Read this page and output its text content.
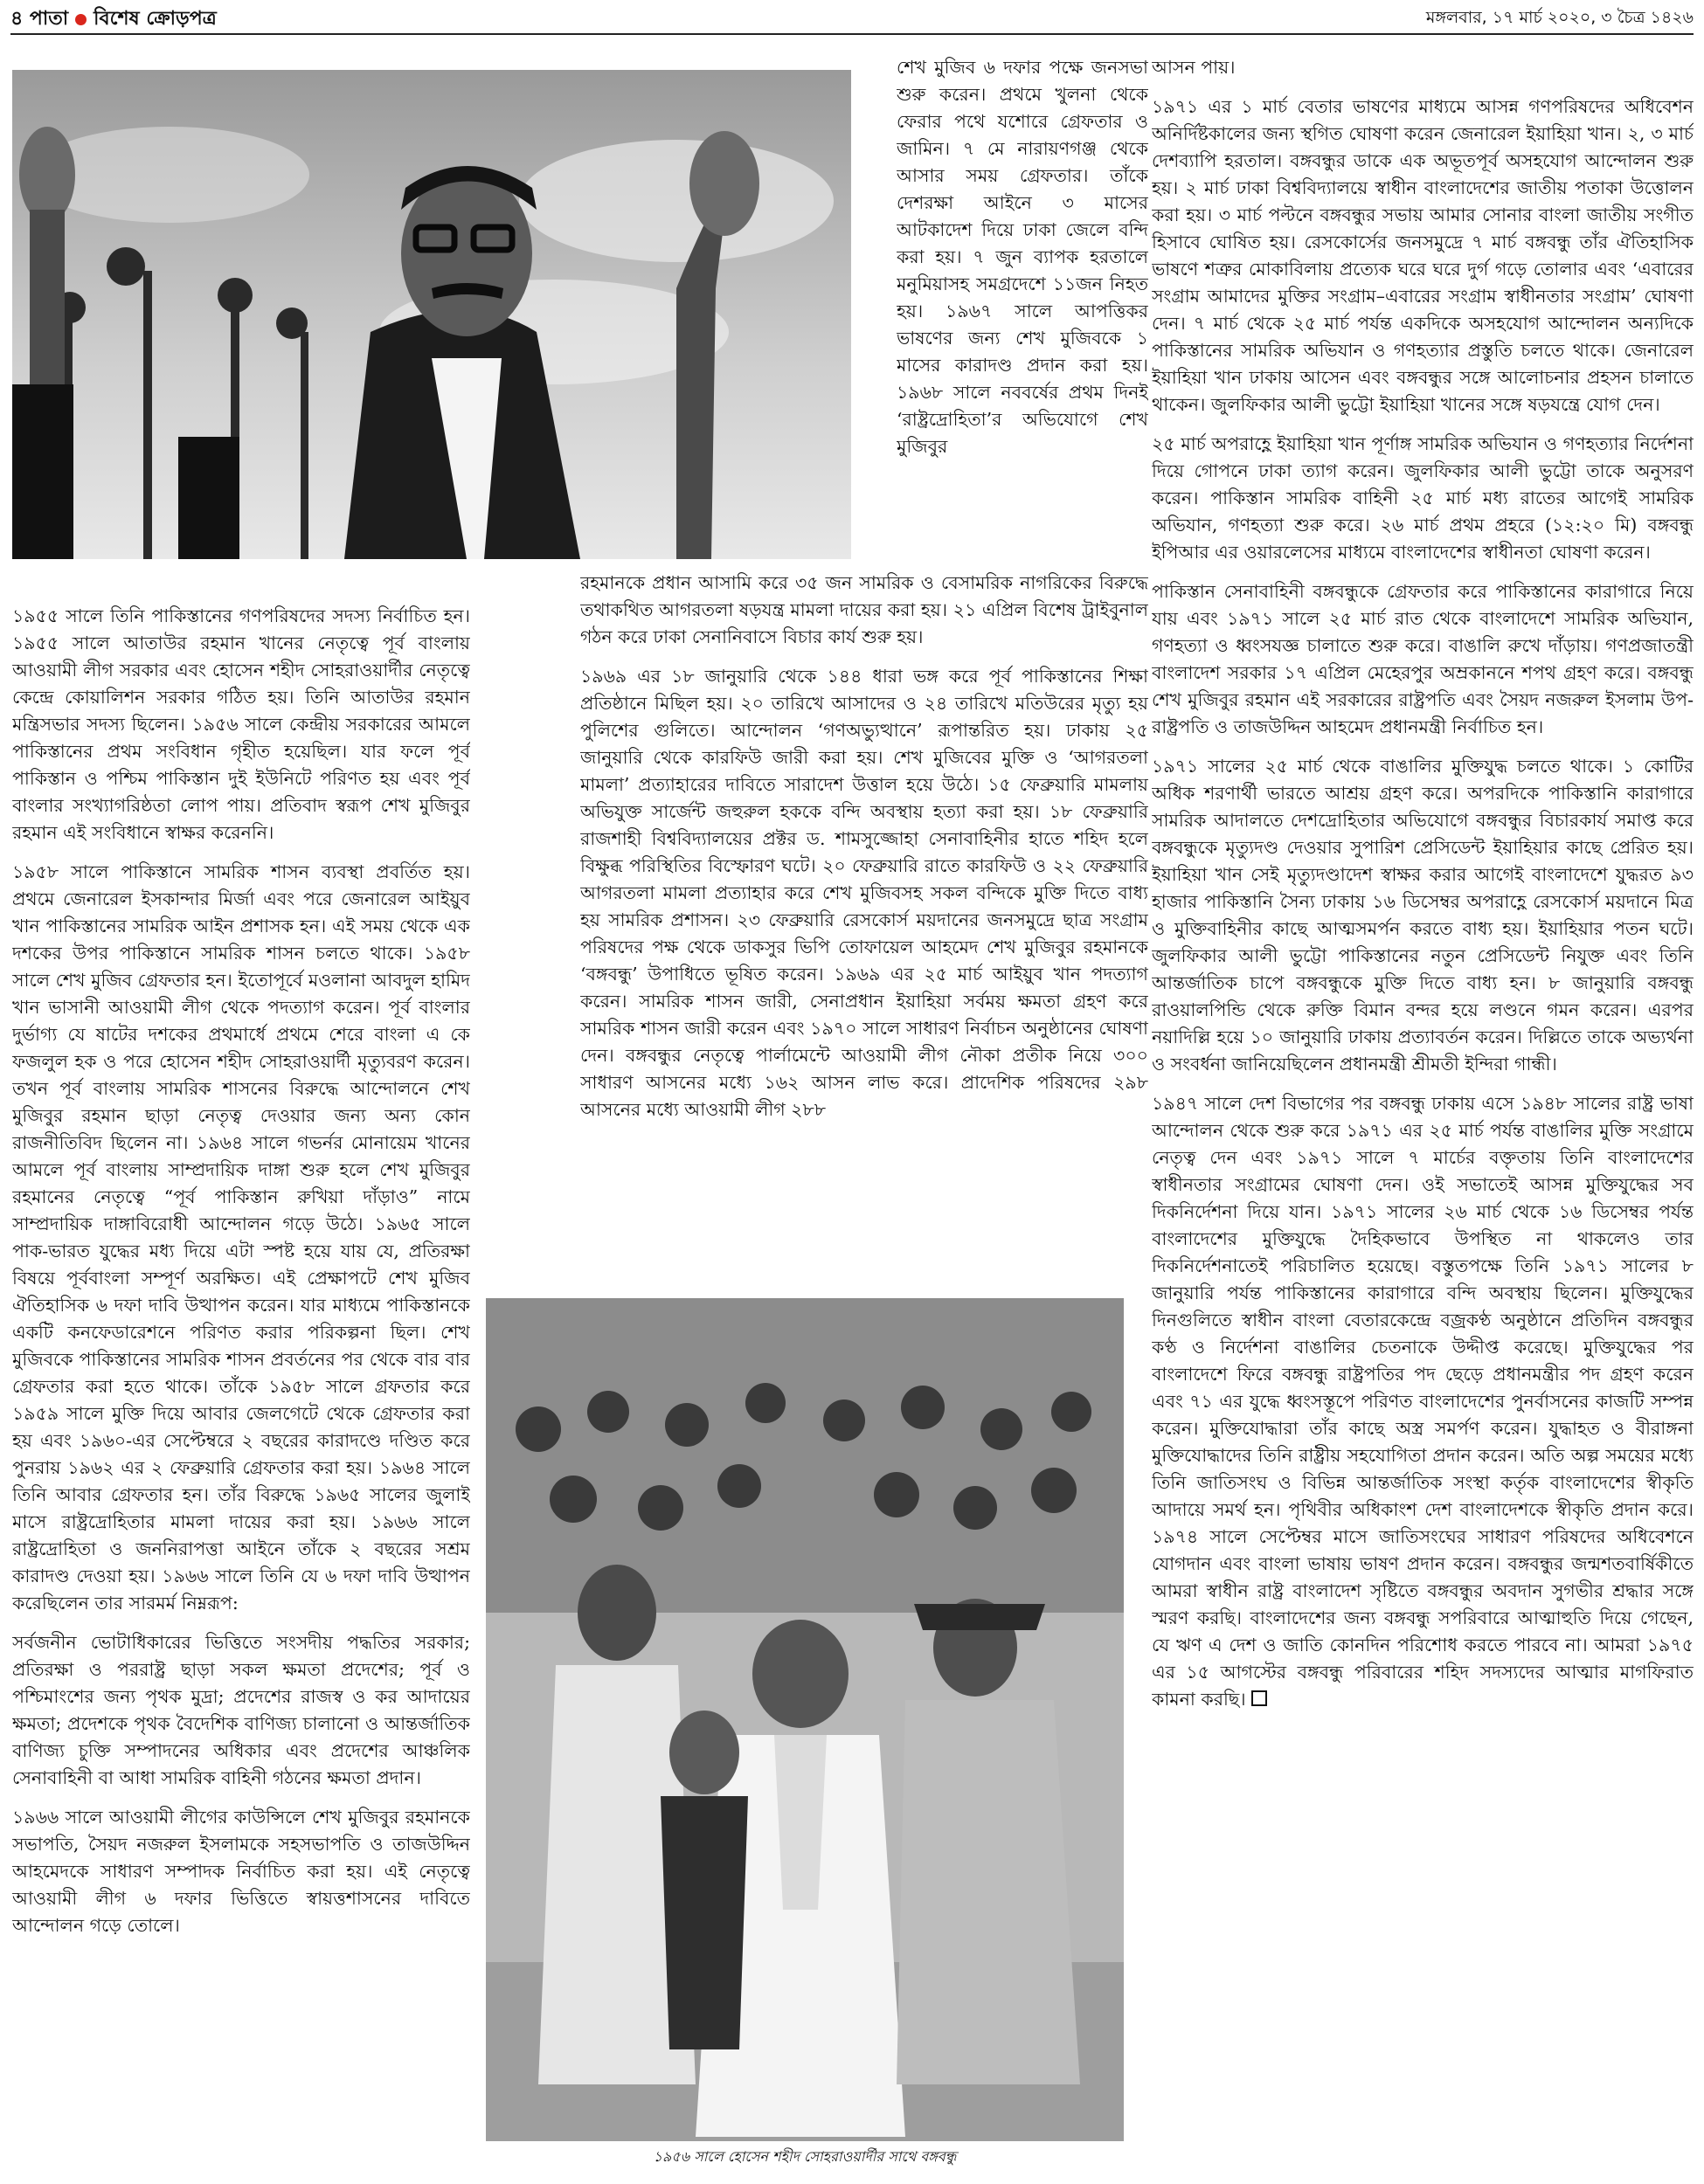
৪ পাতা বিশেষ ক্রোড়পত্র	মঙ্গলবার, ১৭ মার্চ ২০২০, ৩ চৈত্র ১৪২৬

শেখ মুজিব ৬ দফার পক্ষে জনসভা শুরু করেন। প্রথমে খুলনা থেকে ফেরার পথে যশোরে গ্রেফতার ও জামিন। ৭ মে নারায়ণগঞ্জ থেকে আসার সময় গ্রেফতার। তাঁকে দেশরক্ষা আইনে ৩ মাসের আটকাদেশ দিয়ে ঢাকা জেলে বন্দি করা হয়। ৭ জুন ব্যাপক হরতালে মনুমিয়াসহ সমগ্রদেশে ১১জন নিহত হয়। ১৯৬৭ সালে আপত্তিকর ভাষণের জন্য শেখ মুজিবকে ১ মাসের কারাদণ্ড প্রদান করা হয়। ১৯৬৮ সালে নববর্ষের প্রথম দিনই ‘রাষ্ট্রদ্রোহিতা’র অভিযোগে শেখ মুজিবুর

রহমানকে প্রধান আসামি করে ৩৫ জন সামরিক ও বেসামরিক নাগরিকের বিরুদ্ধে তথাকথিত আগরতলা ষড়যন্ত্র মামলা দায়ের করা হয়। ২১ এপ্রিল বিশেষ ট্রাইবুনাল গঠন করে ঢাকা সেনানিবাসে বিচার কার্য শুরু হয়।

১৯৬৯ এর ১৮ জানুয়ারি থেকে ১৪৪ ধারা ভঙ্গ করে পূর্ব পাকিস্তানের শিক্ষা প্রতিষ্ঠানে মিছিল হয়। ২০ তারিখে আসাদের ও ২৪ তারিখে মতিউরের মৃত্যু হয় পুলিশের গুলিতে। আন্দোলন ‘গণঅভ্যুত্থানে’ রূপান্তরিত হয়। ঢাকায় ২৫ জানুয়ারি থেকে কারফিউ জারী করা হয়। শেখ মুজিবের মুক্তি ও ‘আগরতলা মামলা’ প্রত্যাহারের দাবিতে সারাদেশ উত্তাল হয়ে উঠে। ১৫ ফেব্রুয়ারি মামলায় অভিযুক্ত সার্জেন্ট জহুরুল হককে বন্দি অবস্থায় হত্যা করা হয়। ১৮ ফেব্রুয়ারি রাজশাহী বিশ্ববিদ্যালয়ের প্রক্টর ড. শামসুজ্জোহা সেনাবাহিনীর হাতে শহিদ হলে বিক্ষুব্ধ পরিস্থিতির বিস্ফোরণ ঘটে। ২০ ফেব্রুয়ারি রাতে কারফিউ ও ২২ ফেব্রুয়ারি আগরতলা মামলা প্রত্যাহার করে শেখ মুজিবসহ সকল বন্দিকে মুক্তি দিতে বাধ্য হয় সামরিক প্রশাসন। ২৩ ফেব্রুয়ারি রেসকোর্স ময়দানের জনসমুদ্রে ছাত্র সংগ্রাম পরিষদের পক্ষ থেকে ডাকসুর ভিপি তোফায়েল আহমেদ শেখ মুজিবুর রহমানকে ‘বঙ্গবন্ধু’ উপাধিতে ভূষিত করেন। ১৯৬৯ এর ২৫ মার্চ আইয়ুব খান পদত্যাগ করেন। সামরিক শাসন জারী, সেনাপ্রধান ইয়াহিয়া সর্বময় ক্ষমতা গ্রহণ করে সামরিক শাসন জারী করেন এবং ১৯৭০ সালে সাধারণ নির্বাচন অনুষ্ঠানের ঘোষণা দেন। বঙ্গবন্ধুর নেতৃত্বে পার্লামেন্টে আওয়ামী লীগ নৌকা প্রতীক নিয়ে ৩০০ সাধারণ আসনের মধ্যে ১৬২ আসন লাভ করে। প্রাদেশিক পরিষদের ২৯৮ আসনের মধ্যে আওয়ামী লীগ ২৮৮

১৯৫৫ সালে তিনি পাকিস্তানের গণপরিষদের সদস্য নির্বাচিত হন। ১৯৫৫ সালে আতাউর রহমান খানের নেতৃত্বে পূর্ব বাংলায় আওয়ামী লীগ সরকার এবং হোসেন শহীদ সোহরাওয়ার্দীর নেতৃত্বে কেন্দ্রে কোয়ালিশন সরকার গঠিত হয়। তিনি আতাউর রহমান মন্ত্রিসভার সদস্য ছিলেন। ১৯৫৬ সালে কেন্দ্রীয় সরকারের আমলে পাকিস্তানের প্রথম সংবিধান গৃহীত হয়েছিল। যার ফলে পূর্ব পাকিস্তান ও পশ্চিম পাকিস্তান দুই ইউনিটে পরিণত হয় এবং পূর্ব বাংলার সংখ্যাগরিষ্ঠতা লোপ পায়। প্রতিবাদ স্বরূপ শেখ মুজিবুর রহমান এই সংবিধানে স্বাক্ষর করেননি।

১৯৫৮ সালে পাকিস্তানে সামরিক শাসন ব্যবস্থা প্রবর্তিত হয়। প্রথমে জেনারেল ইসকান্দার মির্জা এবং পরে জেনারেল আইয়ুব খান পাকিস্তানের সামরিক আইন প্রশাসক হন। এই সময় থেকে এক দশকের উপর পাকিস্তানে সামরিক শাসন চলতে থাকে। ১৯৫৮ সালে শেখ মুজিব গ্রেফতার হন। ইতোপূর্বে মওলানা আবদুল হামিদ খান ভাসানী আওয়ামী লীগ থেকে পদত্যাগ করেন। পূর্ব বাংলার দুর্ভাগ্য যে ষাটের দশকের প্রথমার্ধে প্রথমে শেরে বাংলা এ কে ফজলুল হক ও পরে হোসেন শহীদ সোহরাওয়ার্দী মৃত্যুবরণ করেন। তখন পূর্ব বাংলায় সামরিক শাসনের বিরুদ্ধে আন্দোলনে শেখ মুজিবুর রহমান ছাড়া নেতৃত্ব দেওয়ার জন্য অন্য কোন রাজনীতিবিদ ছিলেন না। ১৯৬৪ সালে গভর্নর মোনায়েম খানের আমলে পূর্ব বাংলায় সাম্প্রদায়িক দাঙ্গা শুরু হলে শেখ মুজিবুর রহমানের নেতৃত্বে “পূর্ব পাকিস্তান রুখিয়া দাঁড়াও” নামে সাম্প্রদায়িক দাঙ্গাবিরোধী আন্দোলন গড়ে উঠে। ১৯৬৫ সালে পাক-ভারত যুদ্ধের মধ্য দিয়ে এটা স্পষ্ট হয়ে যায় যে, প্রতিরক্ষা বিষয়ে পূর্ববাংলা সম্পূর্ণ অরক্ষিত। এই প্রেক্ষাপটে শেখ মুজিব ঐতিহাসিক ৬ দফা দাবি উত্থাপন করেন। যার মাধ্যমে পাকিস্তানকে একটি কনফেডারেশনে পরিণত করার পরিকল্পনা ছিল। শেখ মুজিবকে পাকিস্তানের সামরিক শাসন প্রবর্তনের পর থেকে বার বার গ্রেফতার করা হতে থাকে। তাঁকে ১৯৫৮ সালে গ্রফতার করে ১৯৫৯ সালে মুক্তি দিয়ে আবার জেলগেটে থেকে গ্রেফতার করা হয় এবং ১৯৬০-এর সেপ্টেম্বরে ২ বছরের কারাদণ্ডে দণ্ডিত করে পুনরায় ১৯৬২ এর ২ ফেব্রুয়ারি গ্রেফতার করা হয়। ১৯৬৪ সালে তিনি আবার গ্রেফতার হন। তাঁর বিরুদ্ধে ১৯৬৫ সালের জুলাই মাসে রাষ্ট্রদ্রোহিতার মামলা দায়ের করা হয়। ১৯৬৬ সালে রাষ্ট্রদ্রোহিতা ও জননিরাপত্তা আইনে তাঁকে ২ বছরের সশ্রম কারাদণ্ড দেওয়া হয়। ১৯৬৬ সালে তিনি যে ৬ দফা দাবি উত্থাপন করেছিলেন তার সারমর্ম নিম্নরূপ:

সর্বজনীন ভোটাধিকারের ভিত্তিতে সংসদীয় পদ্ধতির সরকার; প্রতিরক্ষা ও পররাষ্ট্র ছাড়া সকল ক্ষমতা প্রদেশের; পূর্ব ও পশ্চিমাংশের জন্য পৃথক মুদ্রা; প্রদেশের রাজস্ব ও কর আদায়ের ক্ষমতা; প্রদেশকে পৃথক বৈদেশিক বাণিজ্য চালানো ও আন্তর্জাতিক বাণিজ্য চুক্তি সম্পাদনের অধিকার এবং প্রদেশের আঞ্চলিক সেনাবাহিনী বা আধা সামরিক বাহিনী গঠনের ক্ষমতা প্রদান।

১৯৬৬ সালে আওয়ামী লীগের কাউন্সিলে শেখ মুজিবুর রহমানকে সভাপতি, সৈয়দ নজরুল ইসলামকে সহসভাপতি ও তাজউদ্দিন আহমেদকে সাধারণ সম্পাদক নির্বাচিত করা হয়। এই নেতৃত্বে আওয়ামী লীগ ৬ দফার ভিত্তিতে স্বায়ত্তশাসনের দাবিতে আন্দোলন গড়ে তোলে।

১৯৫৬ সালে হোসেন শহীদ সোহরাওয়ার্দীর সাথে বঙ্গবন্ধু

আসন পায়।

১৯৭১ এর ১ মার্চ বেতার ভাষণের মাধ্যমে আসন্ন গণপরিষদের অধিবেশন অনির্দিষ্টকালের জন্য স্থগিত ঘোষণা করেন জেনারেল ইয়াহিয়া খান। ২, ৩ মার্চ দেশব্যাপি হরতাল। বঙ্গবন্ধুর ডাকে এক অভূতপূর্ব অসহযোগ আন্দোলন শুরু হয়। ২ মার্চ ঢাকা বিশ্ববিদ্যালয়ে স্বাধীন বাংলাদেশের জাতীয় পতাকা উত্তোলন করা হয়। ৩ মার্চ পল্টনে বঙ্গবন্ধুর সভায় আমার সোনার বাংলা জাতীয় সংগীত হিসাবে ঘোষিত হয়। রেসকোর্সের জনসমুদ্রে ৭ মার্চ বঙ্গবন্ধু তাঁর ঐতিহাসিক ভাষণে শত্রুর মোকাবিলায় প্রত্যেক ঘরে ঘরে দুর্গ গড়ে তোলার এবং ‘এবারের সংগ্রাম আমাদের মুক্তির সংগ্রাম–এবারের সংগ্রাম স্বাধীনতার সংগ্রাম’ ঘোষণা দেন। ৭ মার্চ থেকে ২৫ মার্চ পর্যন্ত একদিকে অসহযোগ আন্দোলন অন্যদিকে পাকিস্তানের সামরিক অভিযান ও গণহত্যার প্রস্তুতি চলতে থাকে। জেনারেল ইয়াহিয়া খান ঢাকায় আসেন এবং বঙ্গবন্ধুর সঙ্গে আলোচনার প্রহসন চালাতে থাকেন। জুলফিকার আলী ভুট্টো ইয়াহিয়া খানের সঙ্গে ষড়যন্ত্রে যোগ দেন।

২৫ মার্চ অপরাহ্ণে ইয়াহিয়া খান পূর্ণাঙ্গ সামরিক অভিযান ও গণহত্যার নির্দেশনা দিয়ে গোপনে ঢাকা ত্যাগ করেন। জুলফিকার আলী ভুট্টো তাকে অনুসরণ করেন। পাকিস্তান সামরিক বাহিনী ২৫ মার্চ মধ্য রাতের আগেই সামরিক অভিযান, গণহত্যা শুরু করে। ২৬ মার্চ প্রথম প্রহরে (১২:২০ মি) বঙ্গবন্ধু ইপিআর এর ওয়ারলেসের মাধ্যমে বাংলাদেশের স্বাধীনতা ঘোষণা করেন।

পাকিস্তান সেনাবাহিনী বঙ্গবন্ধুকে গ্রেফতার করে পাকিস্তানের কারাগারে নিয়ে যায় এবং ১৯৭১ সালে ২৫ মার্চ রাত থেকে বাংলাদেশে সামরিক অভিযান, গণহত্যা ও ধ্বংসযজ্ঞ চালাতে শুরু করে। বাঙালি রুখে দাঁড়ায়। গণপ্রজাতন্ত্রী বাংলাদেশ সরকার ১৭ এপ্রিল মেহেরপুর অম্রকাননে শপথ গ্রহণ করে। বঙ্গবন্ধু শেখ মুজিবুর রহমান এই সরকারের রাষ্ট্রপতি এবং সৈয়দ নজরুল ইসলাম উপ-রাষ্ট্রপতি ও তাজউদ্দিন আহমেদ প্রধানমন্ত্রী নির্বাচিত হন।

১৯৭১ সালের ২৫ মার্চ থেকে বাঙালির মুক্তিযুদ্ধ চলতে থাকে। ১ কোটির অধিক শরণার্থী ভারতে আশ্রয় গ্রহণ করে। অপরদিকে পাকিস্তানি কারাগারে সামরিক আদালতে দেশদ্রোহিতার অভিযোগে বঙ্গবন্ধুর বিচারকার্য সমাপ্ত করে বঙ্গবন্ধুকে মৃত্যুদণ্ড দেওয়ার সুপারিশ প্রেসিডেন্ট ইয়াহিয়ার কাছে প্রেরিত হয়। ইয়াহিয়া খান সেই মৃত্যুদণ্ডাদেশ স্বাক্ষর করার আগেই বাংলাদেশে যুদ্ধরত ৯৩ হাজার পাকিস্তানি সৈন্য ঢাকায় ১৬ ডিসেম্বর অপরাহ্ণে রেসকোর্স ময়দানে মিত্র ও মুক্তিবাহিনীর কাছে আত্মসমর্পন করতে বাধ্য হয়। ইয়াহিয়ার পতন ঘটে। জুলফিকার আলী ভুট্টো পাকিস্তানের নতুন প্রেসিডেন্ট নিযুক্ত এবং তিনি আন্তর্জাতিক চাপে বঙ্গবন্ধুকে মুক্তি দিতে বাধ্য হন। ৮ জানুয়ারি বঙ্গবন্ধু রাওয়ালপিন্ডি থেকে রুক্তি বিমান বন্দর হয়ে লণ্ডনে গমন করেন। এরপর নয়াদিল্লি হয়ে ১০ জানুয়ারি ঢাকায় প্রত্যাবর্তন করেন। দিল্লিতে তাকে অভ্যর্থনা ও সংবর্ধনা জানিয়েছিলেন প্রধানমন্ত্রী শ্রীমতী ইন্দিরা গান্ধী।

১৯৪৭ সালে দেশ বিভাগের পর বঙ্গবন্ধু ঢাকায় এসে ১৯৪৮ সালের রাষ্ট্র ভাষা আন্দোলন থেকে শুরু করে ১৯৭১ এর ২৫ মার্চ পর্যন্ত বাঙালির মুক্তি সংগ্রামে নেতৃত্ব দেন এবং ১৯৭১ সালে ৭ মার্চের বক্তৃতায় তিনি বাংলাদেশের স্বাধীনতার সংগ্রামের ঘোষণা দেন। ওই সভাতেই আসন্ন মুক্তিযুদ্ধের সব দিকনির্দেশনা দিয়ে যান। ১৯৭১ সালের ২৬ মার্চ থেকে ১৬ ডিসেম্বর পর্যন্ত বাংলাদেশের মুক্তিযুদ্ধে দৈহিকভাবে উপস্থিত না থাকলেও তার দিকনির্দেশনাতেই পরিচালিত হয়েছে। বস্তুতপক্ষে তিনি ১৯৭১ সালের ৮ জানুয়ারি পর্যন্ত পাকিস্তানের কারাগারে বন্দি অবস্থায় ছিলেন। মুক্তিযুদ্ধের দিনগুলিতে স্বাধীন বাংলা বেতারকেন্দ্রে বজ্রকণ্ঠ অনুষ্ঠানে প্রতিদিন বঙ্গবন্ধুর কণ্ঠ ও নির্দেশনা বাঙালির চেতনাকে উদ্দীপ্ত করেছে। মুক্তিযুদ্ধের পর বাংলাদেশে ফিরে বঙ্গবন্ধু রাষ্ট্রপতির পদ ছেড়ে প্রধানমন্ত্রীর পদ গ্রহণ করেন এবং ৭১ এর যুদ্ধে ধ্বংসস্তূপে পরিণত বাংলাদেশের পুনর্বাসনের কাজটি সম্পন্ন করেন। মুক্তিযোদ্ধারা তাঁর কাছে অস্ত্র সমর্পণ করেন। যুদ্ধাহত ও বীরাঙ্গনা মুক্তিযোদ্ধাদের তিনি রাষ্ট্রীয় সহযোগিতা প্রদান করেন। অতি অল্প সময়ের মধ্যে তিনি জাতিসংঘ ও বিভিন্ন আন্তর্জাতিক সংস্থা কর্তৃক বাংলাদেশের স্বীকৃতি আদায়ে সমর্থ হন। পৃথিবীর অধিকাংশ দেশ বাংলাদেশকে স্বীকৃতি প্রদান করে। ১৯৭৪ সালে সেপ্টেম্বর মাসে জাতিসংঘের সাধারণ পরিষদের অধিবেশনে যোগদান এবং বাংলা ভাষায় ভাষণ প্রদান করেন। বঙ্গবন্ধুর জন্মশতবার্ষিকীতে আমরা স্বাধীন রাষ্ট্র বাংলাদেশ সৃষ্টিতে বঙ্গবন্ধুর অবদান সুগভীর শ্রদ্ধার সঙ্গে স্মরণ করছি। বাংলাদেশের জন্য বঙ্গবন্ধু সপরিবারে আত্মাহুতি দিয়ে গেছেন, যে ঋণ এ দেশ ও জাতি কোনদিন পরিশোধ করতে পারবে না। আমরা ১৯৭৫ এর ১৫ আগস্টের বঙ্গবন্ধু পরিবারের শহিদ সদস্যদের আত্মার মাগফিরাত কামনা করছি।
